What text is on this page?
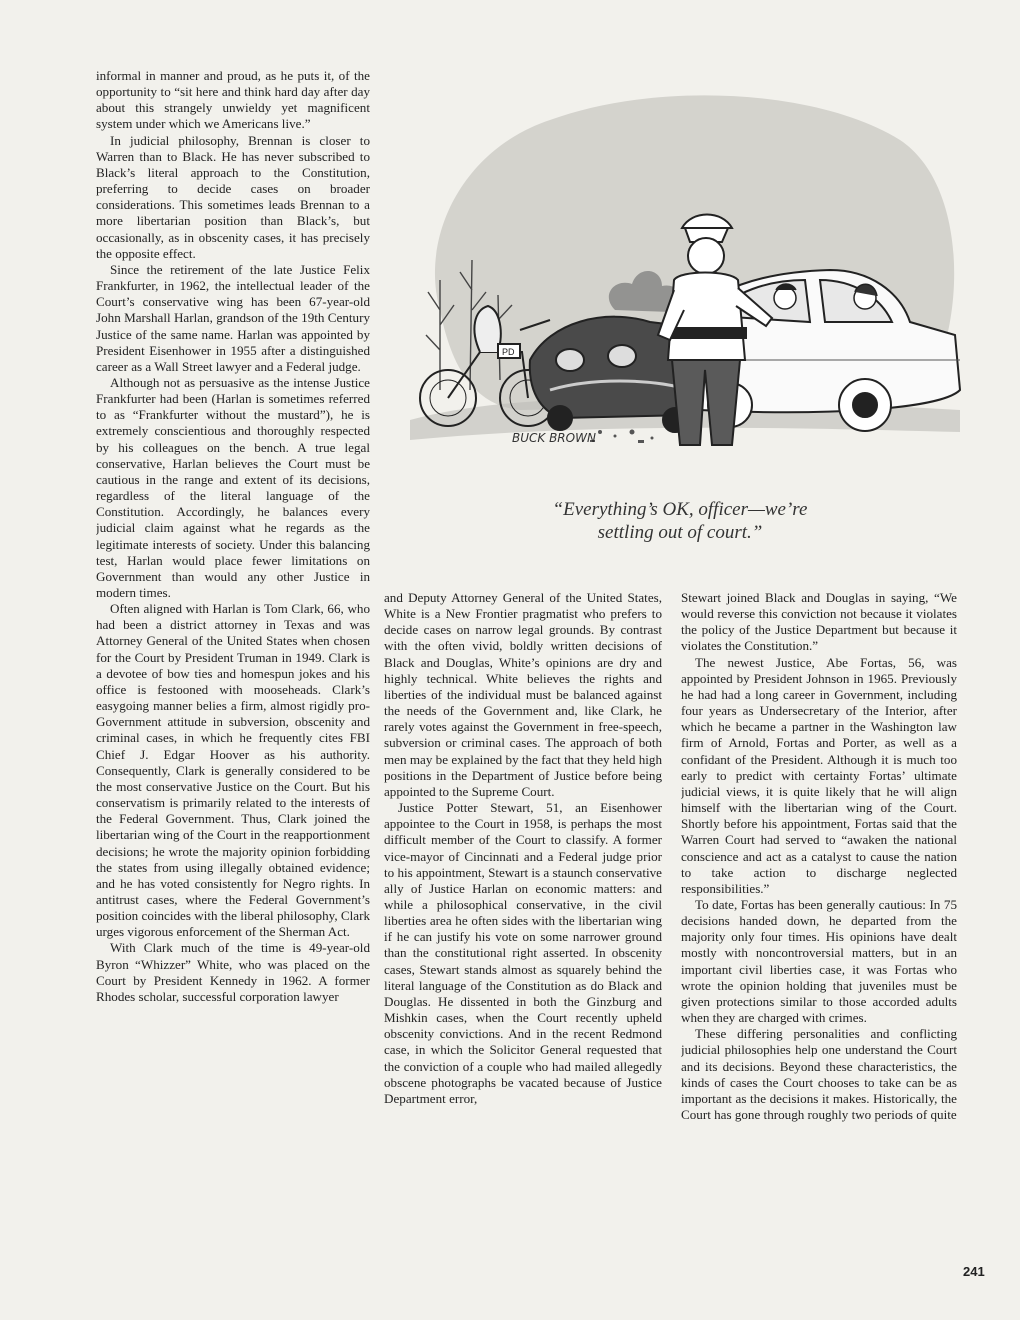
informal in manner and proud, as he puts it, of the opportunity to “sit here and think hard day after day about this strangely unwieldy yet magnificent system under which we Americans live.”

In judicial philosophy, Brennan is closer to Warren than to Black. He has never subscribed to Black’s literal approach to the Constitution, preferring to decide cases on broader considerations. This sometimes leads Brennan to a more libertarian position than Black’s, but occasionally, as in obscenity cases, it has precisely the opposite effect.

Since the retirement of the late Justice Felix Frankfurter, in 1962, the intellectual leader of the Court’s conservative wing has been 67-year-old John Marshall Harlan, grandson of the 19th Century Justice of the same name. Harlan was appointed by President Eisenhower in 1955 after a distinguished career as a Wall Street lawyer and a Federal judge.

Although not as persuasive as the intense Justice Frankfurter had been (Harlan is sometimes referred to as “Frankfurter without the mustard”), he is extremely conscientious and thoroughly respected by his colleagues on the bench. A true legal conservative, Harlan believes the Court must be cautious in the range and extent of its decisions, regardless of the literal language of the Constitution. Accordingly, he balances every judicial claim against what he regards as the legitimate interests of society. Under this balancing test, Harlan would place fewer limitations on Government than would any other Justice in modern times.

Often aligned with Harlan is Tom Clark, 66, who had been a district attorney in Texas and was Attorney General of the United States when chosen for the Court by President Truman in 1949. Clark is a devotee of bow ties and homespun jokes and his office is festooned with mooseheads. Clark’s easygoing manner belies a firm, almost rigidly pro-Government attitude in subversion, obscenity and criminal cases, in which he frequently cites FBI Chief J. Edgar Hoover as his authority. Consequently, Clark is generally considered to be the most conservative Justice on the Court. But his conservatism is primarily related to the interests of the Federal Government. Thus, Clark joined the libertarian wing of the Court in the reapportionment decisions; he wrote the majority opinion forbidding the states from using illegally obtained evidence; and he has voted consistently for Negro rights. In antitrust cases, where the Federal Government’s position coincides with the liberal philosophy, Clark urges vigorous enforcement of the Sherman Act.

With Clark much of the time is 49-year-old Byron “Whizzer” White, who was placed on the Court by President Kennedy in 1962. A former Rhodes scholar, successful corporation lawyer

PD
BUCK BROWN
“Everything’s OK, officer—we’re
settling out of court.”

and Deputy Attorney General of the United States, White is a New Frontier pragmatist who prefers to decide cases on narrow legal grounds. By contrast with the often vivid, boldly written decisions of Black and Douglas, White’s opinions are dry and highly technical. White believes the rights and liberties of the individual must be balanced against the needs of the Government and, like Clark, he rarely votes against the Government in free-speech, subversion or criminal cases. The approach of both men may be explained by the fact that they held high positions in the Department of Justice before being appointed to the Supreme Court.

Justice Potter Stewart, 51, an Eisenhower appointee to the Court in 1958, is perhaps the most difficult member of the Court to classify. A former vice-mayor of Cincinnati and a Federal judge prior to his appointment, Stewart is a staunch conservative ally of Justice Harlan on economic matters: and while a philosophical conservative, in the civil liberties area he often sides with the libertarian wing if he can justify his vote on some narrower ground than the constitutional right asserted. In obscenity cases, Stewart stands almost as squarely behind the literal language of the Constitution as do Black and Douglas. He dissented in both the Ginzburg and Mishkin cases, when the Court recently upheld obscenity convictions. And in the recent Redmond case, in which the Solicitor General requested that the conviction of a couple who had mailed allegedly obscene photographs be vacated because of Justice Department error,

Stewart joined Black and Douglas in saying, “We would reverse this conviction not because it violates the policy of the Justice Department but because it violates the Constitution.”

The newest Justice, Abe Fortas, 56, was appointed by President Johnson in 1965. Previously he had had a long career in Government, including four years as Undersecretary of the Interior, after which he became a partner in the Washington law firm of Arnold, Fortas and Porter, as well as a confidant of the President. Although it is much too early to predict with certainty Fortas’ ultimate judicial views, it is quite likely that he will align himself with the libertarian wing of the Court. Shortly before his appointment, Fortas said that the Warren Court had served to “awaken the national conscience and act as a catalyst to cause the nation to take action to discharge neglected responsibilities.”

To date, Fortas has been generally cautious: In 75 decisions handed down, he departed from the majority only four times. His opinions have dealt mostly with noncontroversial matters, but in an important civil liberties case, it was Fortas who wrote the opinion holding that juveniles must be given protections similar to those accorded adults when they are charged with crimes.

These differing personalities and conflicting judicial philosophies help one understand the Court and its decisions. Beyond these characteristics, the kinds of cases the Court chooses to take can be as important as the decisions it makes. Historically, the Court has gone through roughly two periods of quite

241
